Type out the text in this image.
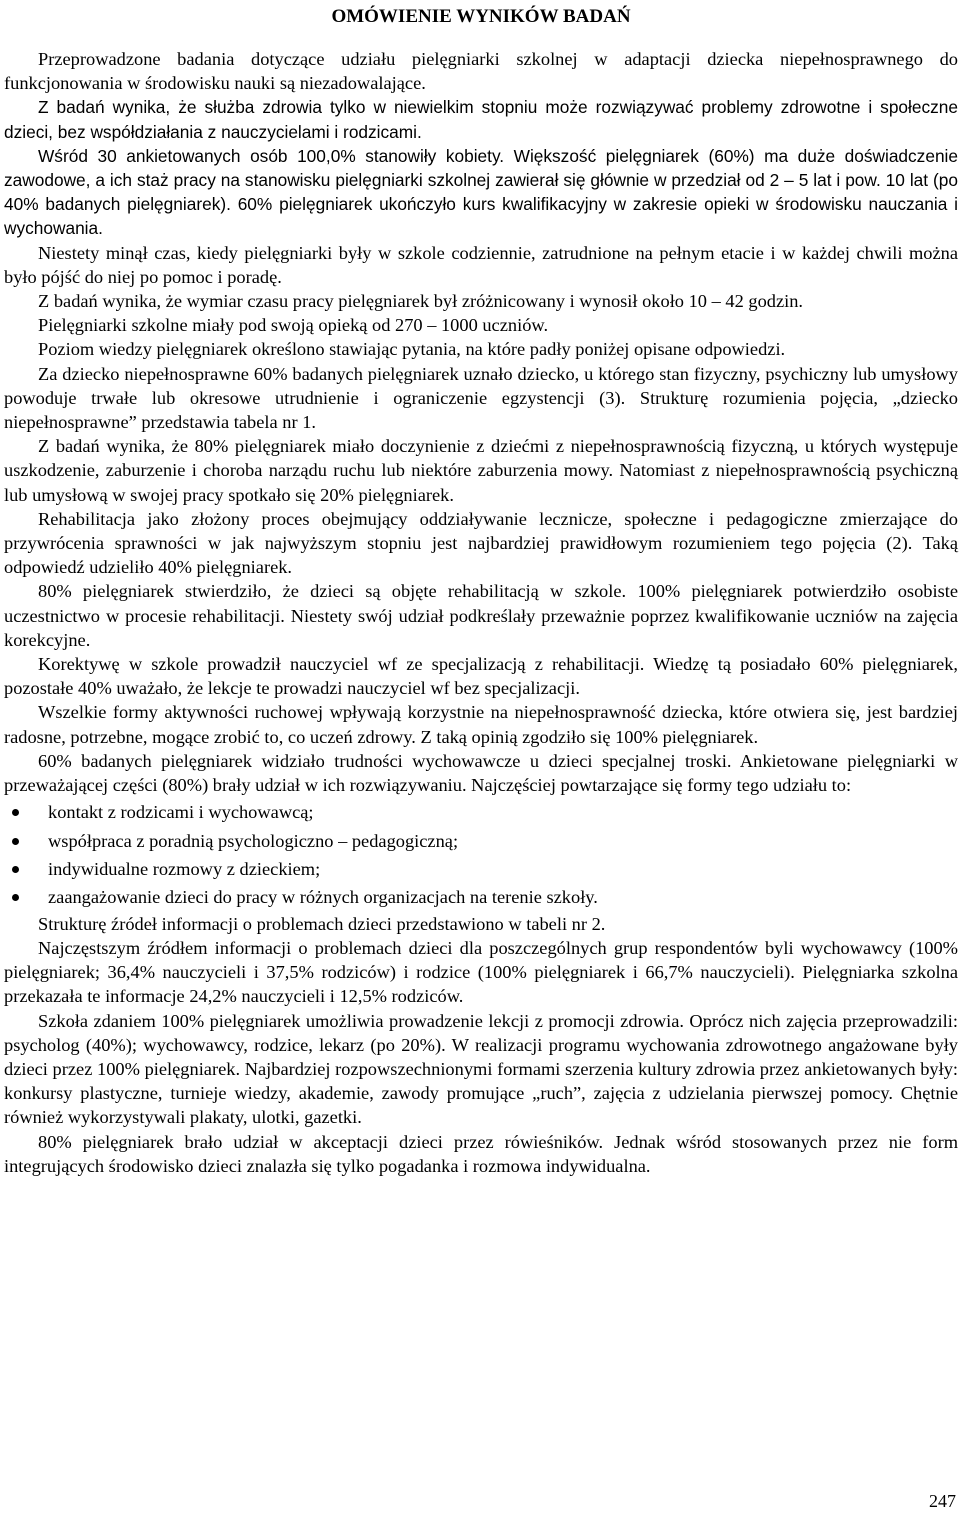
OMÓWIENIE WYNIKÓW BADAŃ

Przeprowadzone badania dotyczące udziału pielęgniarki szkolnej w adaptacji dziecka niepełnosprawnego do funkcjonowania w środowisku nauki są niezadowalające.

Z badań wynika, że służba zdrowia tylko w niewielkim stopniu może rozwiązywać problemy zdrowotne i społeczne dzieci, bez współdziałania z nauczycielami i rodzicami.

Wśród 30 ankietowanych osób 100,0% stanowiły kobiety. Większość pielęgniarek (60%) ma duże doświadczenie zawodowe, a ich staż pracy na stanowisku pielęgniarki szkolnej zawierał się głównie w przedział od 2 – 5 lat i pow. 10 lat (po 40% badanych pielęgniarek). 60% pielęgniarek ukończyło kurs kwalifikacyjny w zakresie opieki w środowisku nauczania i wychowania.

Niestety minął czas, kiedy pielęgniarki były w szkole codziennie, zatrudnione na pełnym etacie i w każdej chwili można było pójść do niej po pomoc i poradę.

Z badań wynika, że wymiar czasu pracy pielęgniarek był zróżnicowany i wynosił około 10 – 42 godzin.

Pielęgniarki szkolne miały pod swoją opieką od 270 – 1000 uczniów.

Poziom wiedzy pielęgniarek określono stawiając pytania, na które padły poniżej opisane odpowiedzi.

Za dziecko niepełnosprawne 60% badanych pielęgniarek uznało dziecko, u którego stan fizyczny, psychiczny lub umysłowy powoduje trwałe lub okresowe utrudnienie i ograniczenie egzystencji (3). Strukturę rozumienia pojęcia, „dziecko niepełnosprawne” przedstawia tabela nr 1.

Z badań wynika, że 80% pielęgniarek miało doczynienie z dziećmi z niepełnosprawnością fizyczną, u których występuje uszkodzenie, zaburzenie i choroba narządu ruchu lub niektóre zaburzenia mowy. Natomiast z niepełnosprawnością psychiczną lub umysłową w swojej pracy spotkało się 20% pielęgniarek.

Rehabilitacja jako złożony proces obejmujący oddziaływanie lecznicze, społeczne i pedagogiczne zmierzające do przywrócenia sprawności w jak najwyższym stopniu jest najbardziej prawidłowym rozumieniem tego pojęcia (2). Taką odpowiedź udzieliło 40% pielęgniarek.

80% pielęgniarek stwierdziło, że dzieci są objęte rehabilitacją w szkole. 100% pielęgniarek potwierdziło osobiste uczestnictwo w procesie rehabilitacji. Niestety swój udział podkreślały przeważnie poprzez kwalifikowanie uczniów na zajęcia korekcyjne.

Korektywę w szkole prowadził nauczyciel wf ze specjalizacją z rehabilitacji. Wiedzę tą posiadało 60% pielęgniarek, pozostałe 40% uważało, że lekcje te prowadzi nauczyciel wf bez specjalizacji.

Wszelkie formy aktywności ruchowej wpływają korzystnie na niepełnosprawność dziecka, które otwiera się, jest bardziej radosne, potrzebne, mogące zrobić to, co uczeń zdrowy. Z taką opinią zgodziło się 100% pielęgniarek.

60% badanych pielęgniarek widziało trudności wychowawcze u dzieci specjalnej troski. Ankietowane pielęgniarki w przeważającej części (80%) brały udział w ich rozwiązywaniu. Najczęściej powtarzające się formy tego udziału to:

kontakt z rodzicami i wychowawcą;
współpraca z poradnią psychologiczno – pedagogiczną;
indywidualne rozmowy z dzieckiem;
zaangażowanie dzieci do pracy w różnych organizacjach na terenie szkoły.

Strukturę źródeł informacji o problemach dzieci przedstawiono w tabeli nr 2.

Najczęstszym źródłem informacji o problemach dzieci dla poszczególnych grup respondentów byli wychowawcy (100% pielęgniarek; 36,4% nauczycieli i 37,5% rodziców) i rodzice (100% pielęgniarek i 66,7% nauczycieli). Pielęgniarka szkolna przekazała te informacje 24,2% nauczycieli i 12,5% rodziców.

Szkoła zdaniem 100% pielęgniarek umożliwia prowadzenie lekcji z promocji zdrowia. Oprócz nich zajęcia przeprowadzili: psycholog (40%); wychowawcy, rodzice, lekarz (po 20%). W realizacji programu wychowania zdrowotnego angażowane były dzieci przez 100% pielęgniarek. Najbardziej rozpowszechnionymi formami szerzenia kultury zdrowia przez ankietowanych były: konkursy plastyczne, turnieje wiedzy, akademie, zawody promujące „ruch”, zajęcia z udzielania pierwszej pomocy. Chętnie również wykorzystywali plakaty, ulotki, gazetki.

80% pielęgniarek brało udział w akceptacji dzieci przez rówieśników. Jednak wśród stosowanych przez nie form integrujących środowisko dzieci znalazła się tylko pogadanka i rozmowa indywidualna.

247
